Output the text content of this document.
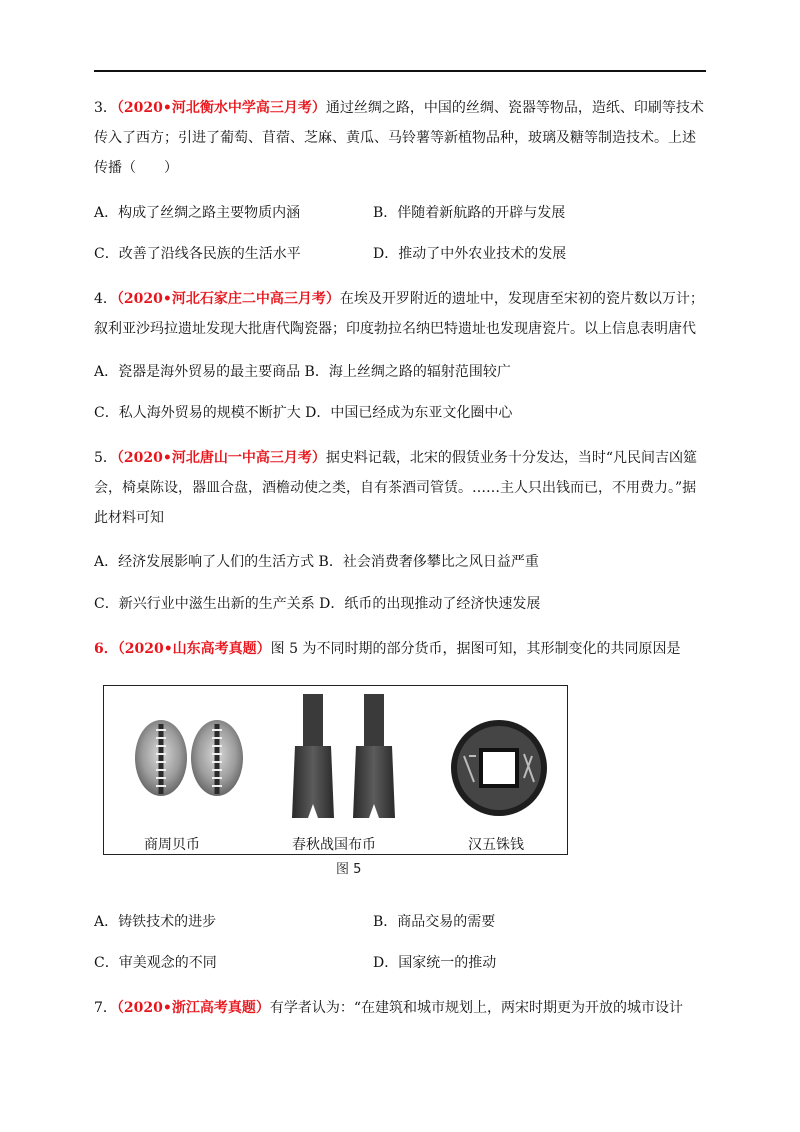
3．（2020•河北衡水中学高三月考）通过丝绸之路，中国的丝绸、瓷器等物品，造纸、印刷等技术传入了西方；引进了葡萄、苜蓿、芝麻、黄瓜、马铃薯等新植物品种，玻璃及糖等制造技术。上述传播（　　）
A．构成了丝绸之路主要物质内涵	B．伴随着新航路的开辟与发展
C．改善了沿线各民族的生活水平	D．推动了中外农业技术的发展
4．（2020•河北石家庄二中高三月考）在埃及开罗附近的遗址中，发现唐至宋初的瓷片数以万计；叙利亚沙玛拉遗址发现大批唐代陶瓷器；印度勃拉名纳巴特遗址也发现唐瓷片。以上信息表明唐代
A．瓷器是海外贸易的最主要商品 B．海上丝绸之路的辐射范围较广
C．私人海外贸易的规模不断扩大 D．中国已经成为东亚文化圈中心
5．（2020•河北唐山一中高三月考）据史料记载，北宋的假赁业务十分发达，当时“凡民间吉凶筵会，椅桌陈设，器皿合盘，酒檐动使之类，自有茶酒司管赁。……主人只出钱而已，不用费力。”据此材料可知
A．经济发展影响了人们的生活方式 B．社会消费奢侈攀比之风日益严重
C．新兴行业中滋生出新的生产关系 D．纸币的出现推动了经济快速发展
6．（2020•山东高考真题）图 5 为不同时期的部分货币，据图可知，其形制变化的共同原因是
商周贝币	春秋战国布币	汉五铢钱
图 5
A．铸铁技术的进步	B．商品交易的需要
C．审美观念的不同	D．国家统一的推动
7．（2020•浙江高考真题）有学者认为：“在建筑和城市规划上，两宋时期更为开放的城市设计
